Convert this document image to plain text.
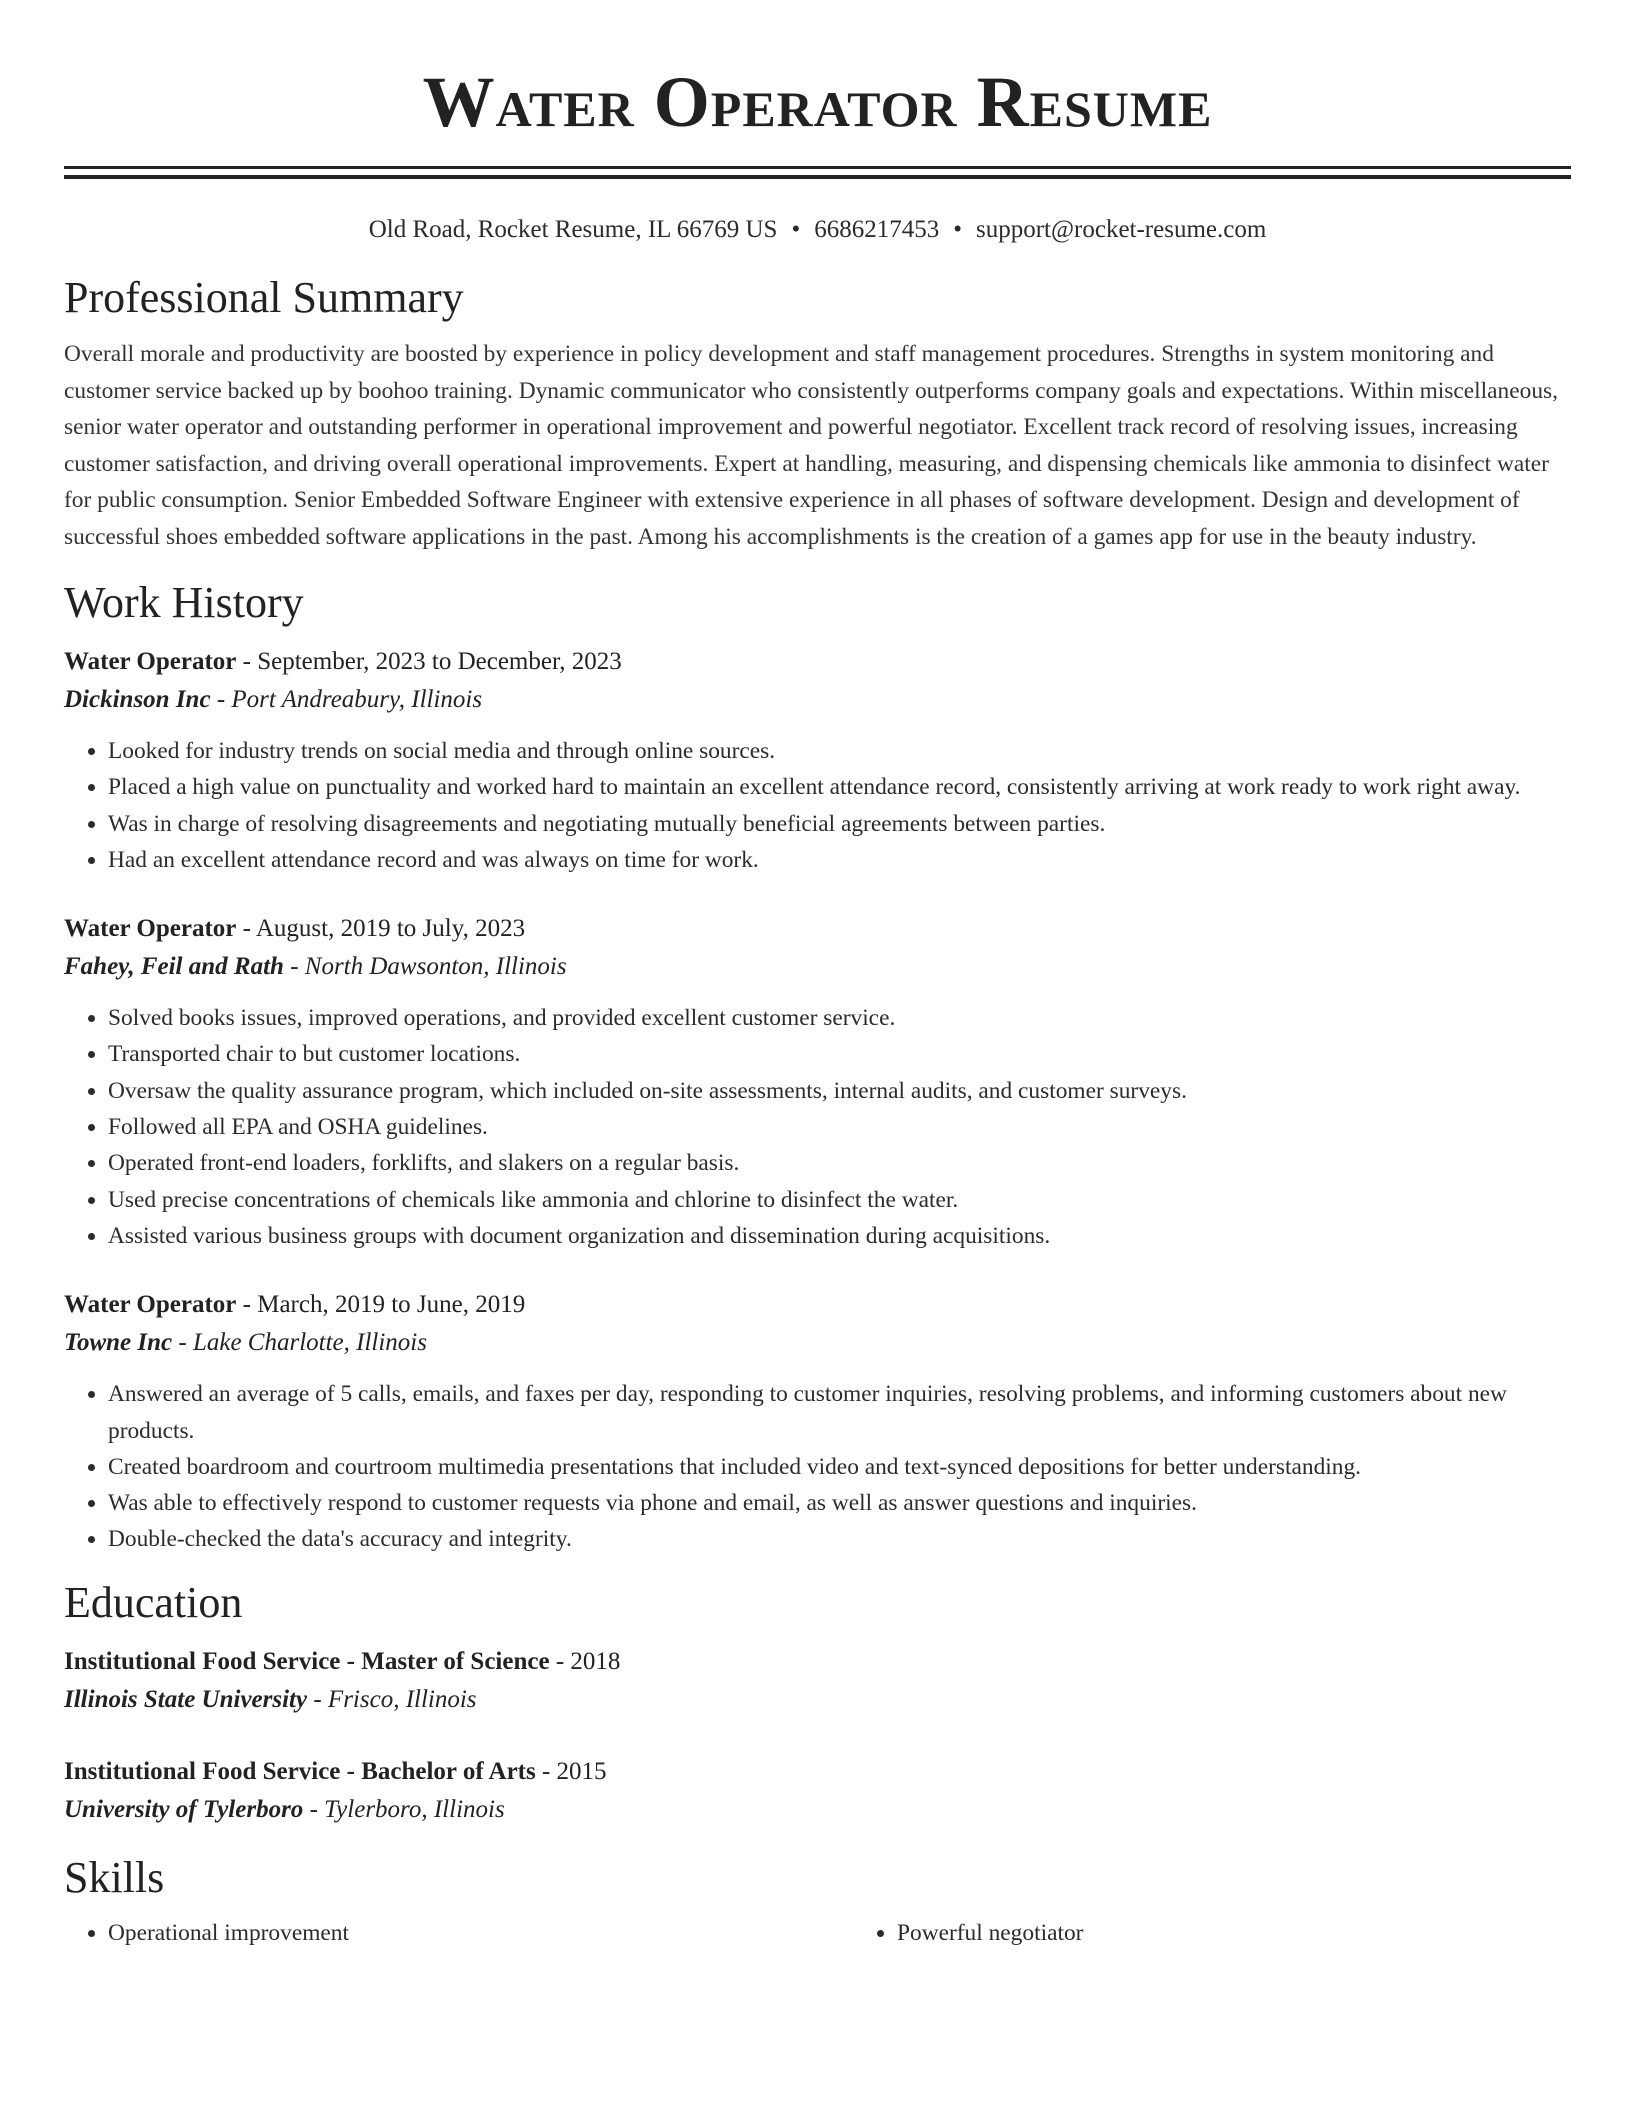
Water Operator Resume
Old Road, Rocket Resume, IL 66769 US • 6686217453 • support@rocket-resume.com
Professional Summary

Overall morale and productivity are boosted by experience in policy development and staff management procedures. Strengths in system monitoring and customer service backed up by boohoo training. Dynamic communicator who consistently outperforms company goals and expectations. Within miscellaneous, senior water operator and outstanding performer in operational improvement and powerful negotiator. Excellent track record of resolving issues, increasing customer satisfaction, and driving overall operational improvements. Expert at handling, measuring, and dispensing chemicals like ammonia to disinfect water for public consumption. Senior Embedded Software Engineer with extensive experience in all phases of software development. Design and development of successful shoes embedded software applications in the past. Among his accomplishments is the creation of a games app for use in the beauty industry.

Work History

Water Operator - September, 2023 to December, 2023

Dickinson Inc - Port Andreabury, Illinois

• Looked for industry trends on social media and through online sources.
• Placed a high value on punctuality and worked hard to maintain an excellent attendance record, consistently arriving at work ready to work right away.
• Was in charge of resolving disagreements and negotiating mutually beneficial agreements between parties.
• Had an excellent attendance record and was always on time for work.

Water Operator - August, 2019 to July, 2023

Fahey, Feil and Rath - North Dawsonton, Illinois

• Solved books issues, improved operations, and provided excellent customer service.
• Transported chair to but customer locations.
• Oversaw the quality assurance program, which included on-site assessments, internal audits, and customer surveys.
• Followed all EPA and OSHA guidelines.
• Operated front-end loaders, forklifts, and slakers on a regular basis.
• Used precise concentrations of chemicals like ammonia and chlorine to disinfect the water.
• Assisted various business groups with document organization and dissemination during acquisitions.

Water Operator - March, 2019 to June, 2019

Towne Inc - Lake Charlotte, Illinois

• Answered an average of 5 calls, emails, and faxes per day, responding to customer inquiries, resolving problems, and informing customers about new products.
• Created boardroom and courtroom multimedia presentations that included video and text-synced depositions for better understanding.
• Was able to effectively respond to customer requests via phone and email, as well as answer questions and inquiries.
• Double-checked the data's accuracy and integrity.
Education

Institutional Food Service - Master of Science - 2018

Illinois State University - Frisco, Illinois

Institutional Food Service - Bachelor of Arts - 2015

University of Tylerboro - Tylerboro, Illinois

Skills
• Operational improvement
•	Powerful negotiator
